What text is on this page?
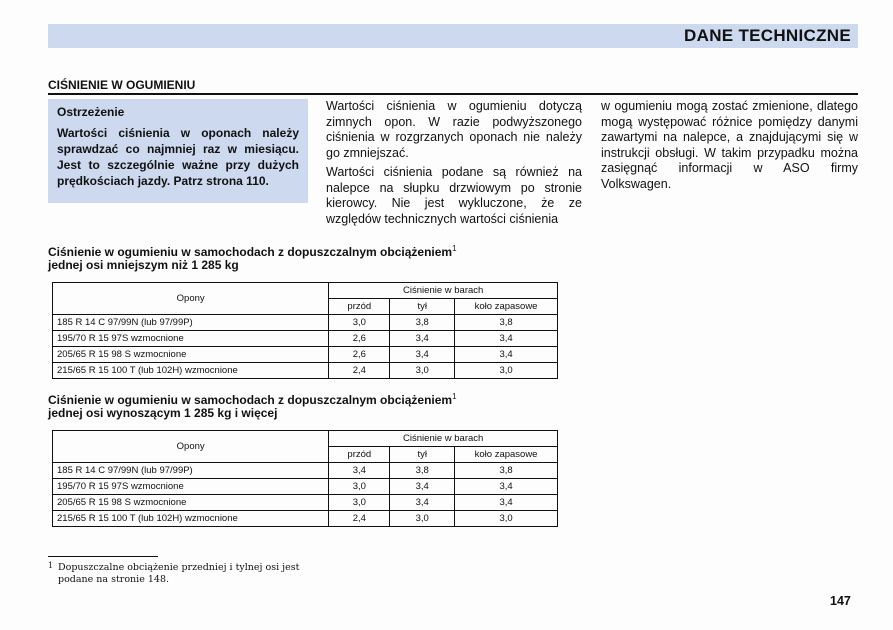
DANE TECHNICZNE
CIŚNIENIE W OGUMIENIU
Ostrzeżenie
Wartości ciśnienia w oponach należy sprawdzać co najmniej raz w miesiącu. Jest to szczególnie ważne przy dużych prędkościach jazdy. Patrz strona 110.

Wartości ciśnienia w ogumieniu dotyczą zimnych opon. W razie podwyższonego ciśnienia w rozgrzanych oponach nie należy go zmniejszać.

Wartości ciśnienia podane są również na nalepce na słupku drzwiowym po stronie kierowcy. Nie jest wykluczone, że ze względów technicznych wartości ciśnienia

w ogumieniu mogą zostać zmienione, dlatego mogą występować różnice pomiędzy danymi zawartymi na nalepce, a znajdującymi się w instrukcji obsługi. W takim przypadku można zasięgnąć informacji w ASO firmy Volkswagen.

Ciśnienie w ogumieniu w samochodach z dopuszczalnym obciążeniem$^1$
jednej osi mniejszym niż 1 285 kg
Opony	Ciśnienie w barach		
	przód	tył	koło zapasowe
185 R 14 C 97/99N (lub 97/99P)	3,0	3,8	3,8
195/70 R 15 97S wzmocnione	2,6	3,4	3,4
205/65 R 15 98 S wzmocnione	2,6	3,4	3,4
215/65 R 15 100 T (lub 102H) wzmocnione	2,4	3,0	3,0
Ciśnienie w ogumieniu w samochodach z dopuszczalnym obciążeniem$^1$
jednej osi wynoszącym 1 285 kg i więcej
Opony	Ciśnienie w barach		
	przód	tył	koło zapasowe
185 R 14 C 97/99N (lub 97/99P)	3,4	3,8	3,8
195/70 R 15 97S wzmocnione	3,0	3,4	3,4
205/65 R 15 98 S wzmocnione	3,0	3,4	3,4
215/65 R 15 100 T (lub 102H) wzmocnione	2,4	3,0	3,0
1 Dopuszczalne obciążenie przedniej i tylnej osi jest podane na stronie 148.
147
